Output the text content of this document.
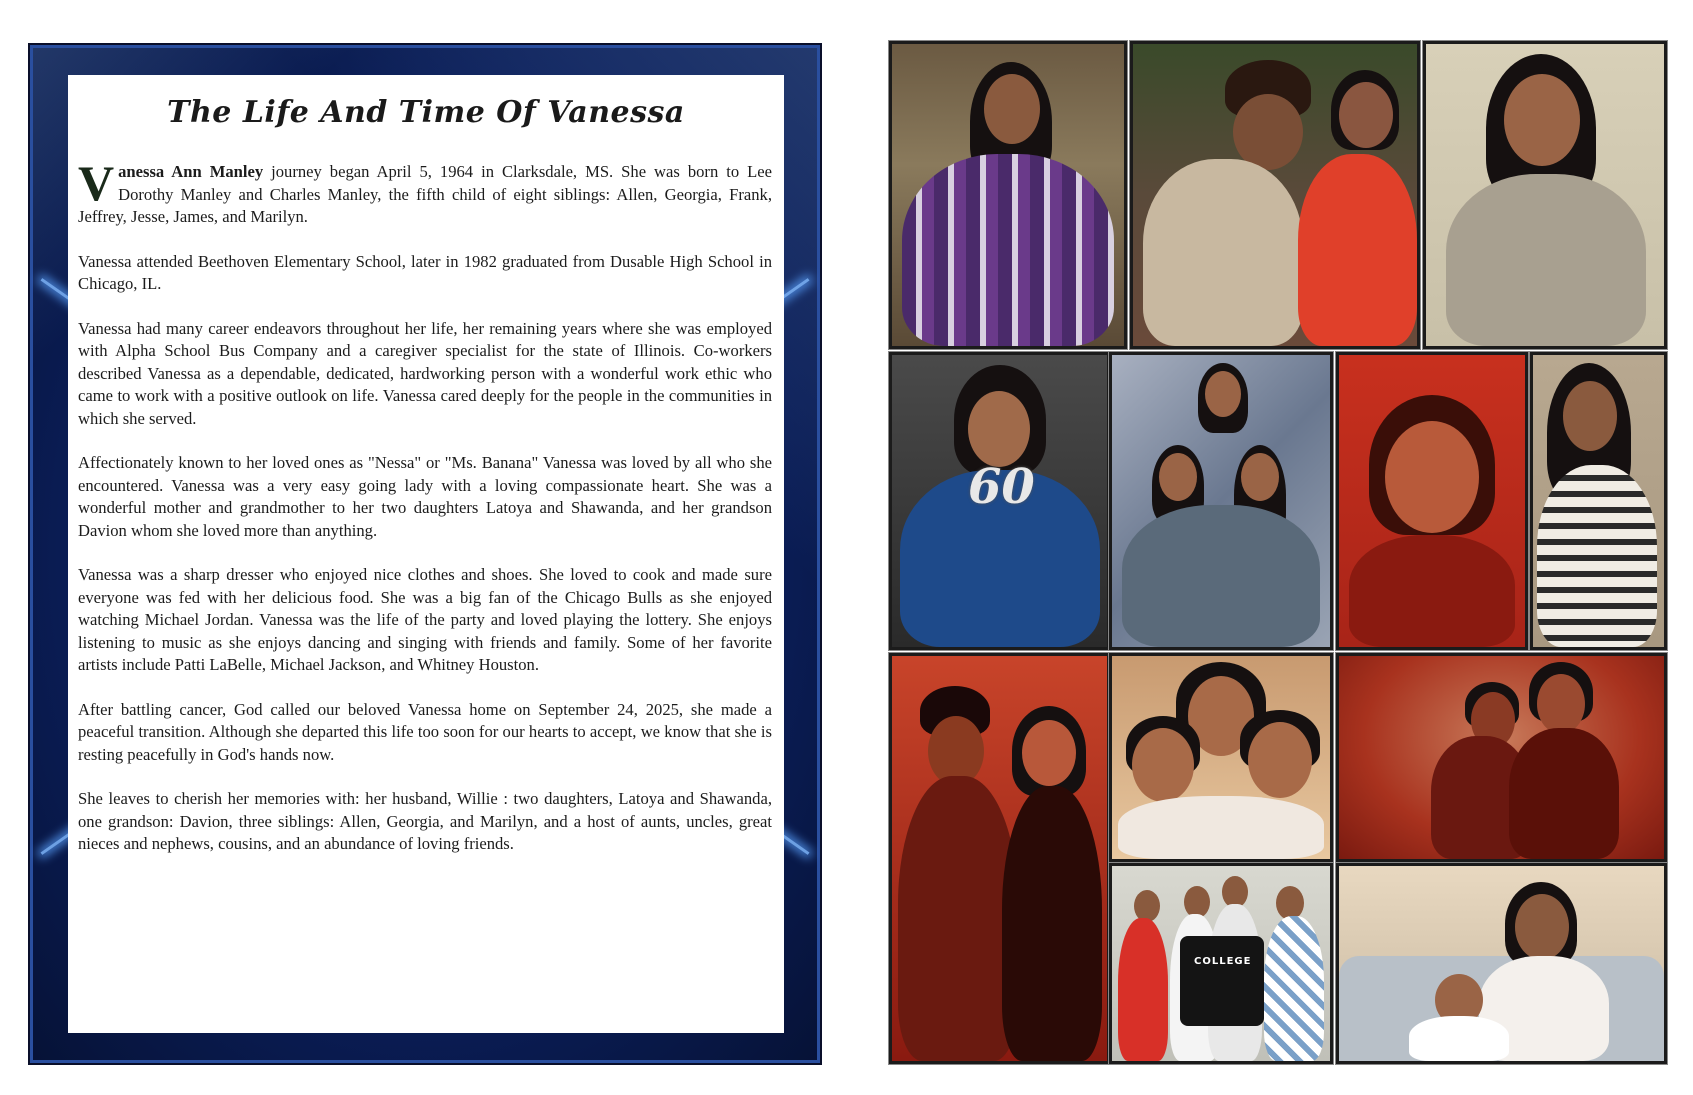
The Life And Time Of Vanessa

Vanessa Ann Manley journey began April 5, 1964 in Clarksdale, MS. She was born to Lee Dorothy Manley and Charles Manley, the fifth child of eight siblings: Allen, Georgia, Frank, Jeffrey, Jesse, James, and Marilyn.

Vanessa attended Beethoven Elementary School, later in 1982 graduated from Dusable High School in Chicago, IL.

Vanessa had many career endeavors throughout her life, her remaining years where she was employed with Alpha School Bus Company and a caregiver specialist for the state of Illinois. Co-workers described Vanessa as a dependable, dedicated, hardworking person with a wonderful work ethic who came to work with a positive outlook on life. Vanessa cared deeply for the people in the communities in which she served.

Affectionately known to her loved ones as "Nessa" or "Ms. Banana" Vanessa was loved by all who she encountered. Vanessa was a very easy going lady with a loving compassionate heart. She was a wonderful mother and grandmother to her two daughters Latoya and Shawanda, and her grandson Davion whom she loved more than anything.

Vanessa was a sharp dresser who enjoyed nice clothes and shoes. She loved to cook and made sure everyone was fed with her delicious food. She was a big fan of the Chicago Bulls as she enjoyed watching Michael Jordan. Vanessa was the life of the party and loved playing the lottery. She enjoys listening to music as she enjoys dancing and singing with friends and family. Some of her favorite artists include Patti LaBelle, Michael Jackson, and Whitney Houston.

After battling cancer, God called our beloved Vanessa home on September 24, 2025, she made a peaceful transition. Although she departed this life too soon for our hearts to accept, we know that she is resting peacefully in God's hands now.

She leaves to cherish her memories with: her husband, Willie : two daughters, Latoya and Shawanda, one grandson: Davion, three siblings: Allen, Georgia, and Marilyn, and a host of aunts, uncles, great nieces and nephews, cousins, and an abundance of loving friends.

60
COLLEGE
